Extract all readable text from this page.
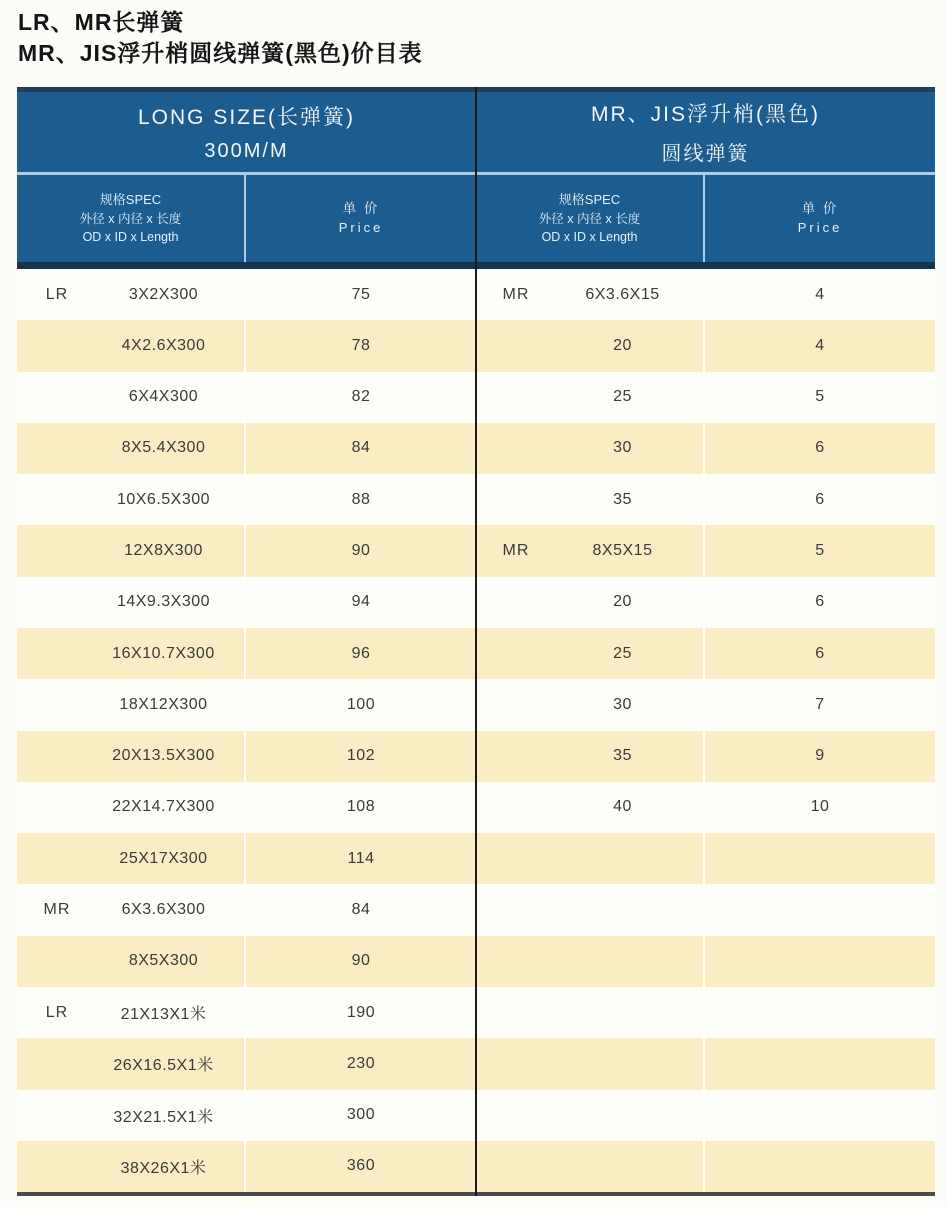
LR、MR长弹簧
MR、JIS浮升梢圆线弹簧(黑色)价目表
LONG SIZE(长弹簧)
300M/M
MR、JIS浮升梢(黑色)
圆线弹簧
规格SPEC
外径 x 内径 x 长度
OD x ID x Length
单 价
Price
规格SPEC
外径 x 内径 x 长度
OD x ID x Length
单 价
Price
LR	3X2X300	75
4X2.6X300	78
6X4X300	82
8X5.4X300	84
10X6.5X300	88
12X8X300	90
14X9.3X300	94
16X10.7X300	96
18X12X300	100
20X13.5X300	102
22X14.7X300	108
25X17X300	114
MR	6X3.6X300	84
8X5X300	90
LR	21X13X1米	190
26X16.5X1米	230
32X21.5X1米	300
38X26X1米	360
MR	6X3.6X15	4
20	4
25	5
30	6
35	6
MR	8X5X15	5
20	6
25	6
30	7
35	9
40	10
